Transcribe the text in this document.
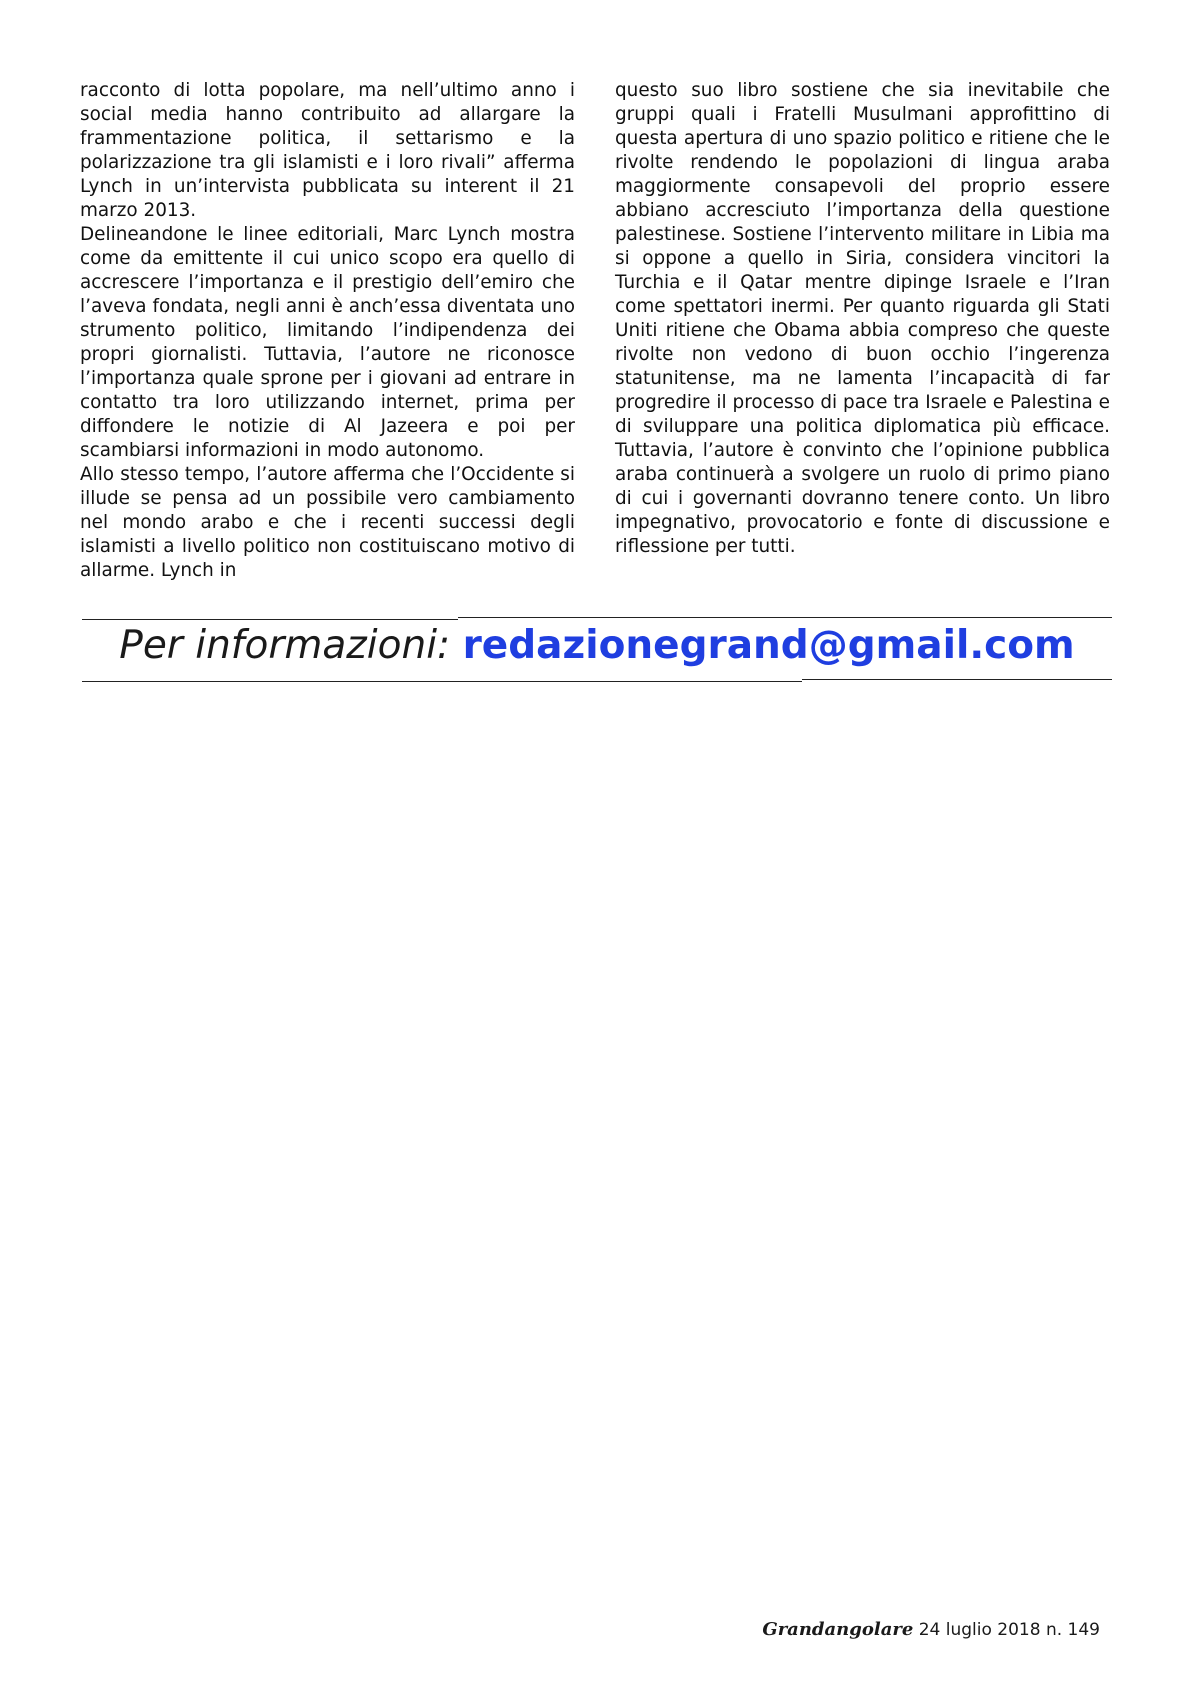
racconto di lotta popolare, ma nell’ultimo anno i social media hanno contribuito ad allargare la frammentazione politica, il settarismo e la polarizzazione tra gli islamisti e i loro rivali” afferma Lynch in un’intervista pubblicata su interent il 21 marzo 2013.

Delineandone le linee editoriali, Marc Lynch mostra come da emittente il cui unico scopo era quello di accrescere l’importanza e il prestigio dell’emiro che l’aveva fondata, negli anni è anch’essa diventata uno strumento politico, limitando l’indipendenza dei propri giornalisti. Tuttavia, l’autore ne riconosce l’importanza quale sprone per i giovani ad entrare in contatto tra loro utilizzando internet, prima per diffondere le notizie di Al Jazeera e poi per scambiarsi informazioni in modo autonomo.

Allo stesso tempo, l’autore afferma che l’Occidente si illude se pensa ad un possibile vero cambiamento nel mondo arabo e che i recenti successi degli islamisti a livello politico non costituiscano motivo di allarme. Lynch in

questo suo libro sostiene che sia inevitabile che gruppi quali i Fratelli Musulmani approfittino di questa apertura di uno spazio politico e ritiene che le rivolte rendendo le popolazioni di lingua araba maggiormente consapevoli del proprio essere abbiano accresciuto l’importanza della questione palestinese. Sostiene l’intervento militare in Libia ma si oppone a quello in Siria, considera vincitori la Turchia e il Qatar mentre dipinge Israele e l’Iran come spettatori inermi. Per quanto riguarda gli Stati Uniti ritiene che Obama abbia compreso che queste rivolte non vedono di buon occhio l’ingerenza statunitense, ma ne lamenta l’incapacità di far progredire il processo di pace tra Israele e Palestina e di sviluppare una politica diplomatica più efficace. Tuttavia, l’autore è convinto che l’opinione pubblica araba continuerà a svolgere un ruolo di primo piano di cui i governanti dovranno tenere conto. Un libro impegnativo, provocatorio e fonte di discussione e riflessione per tutti.

Per informazioni: redazionegrand@gmail.com
Grandangolare 24 luglio 2018 n. 149
